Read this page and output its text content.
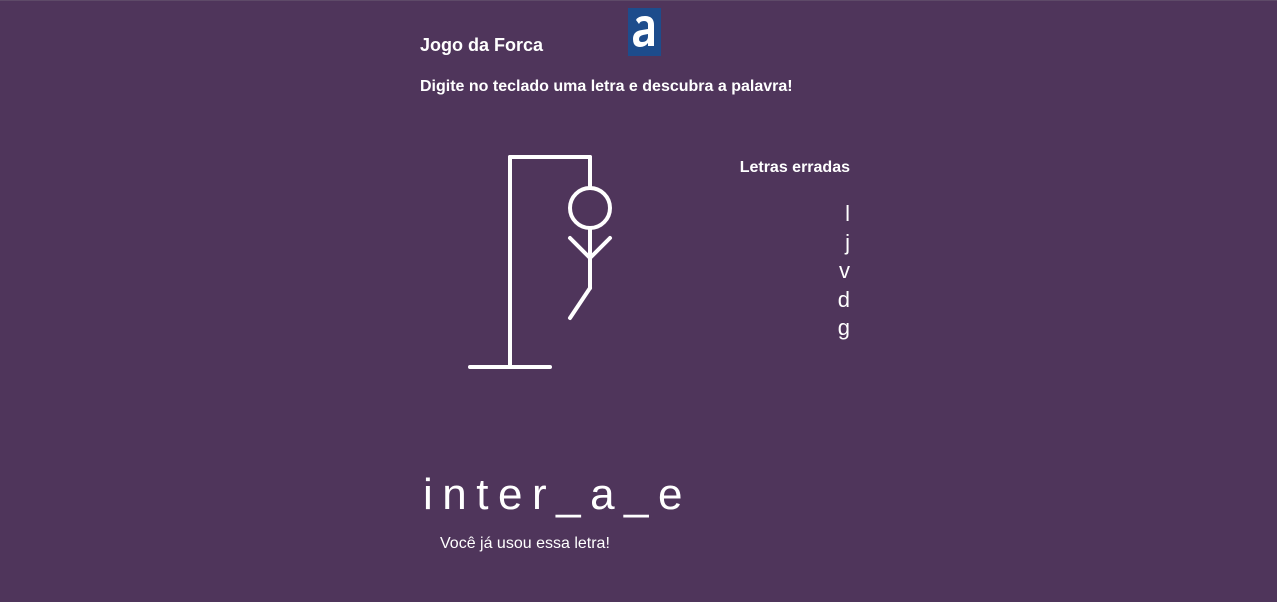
Jogo da Forca
Digite no teclado uma letra e descubra a palavra!

Letras erradas

l
j
v
d
g
inter_a_e
Você já usou essa letra!
